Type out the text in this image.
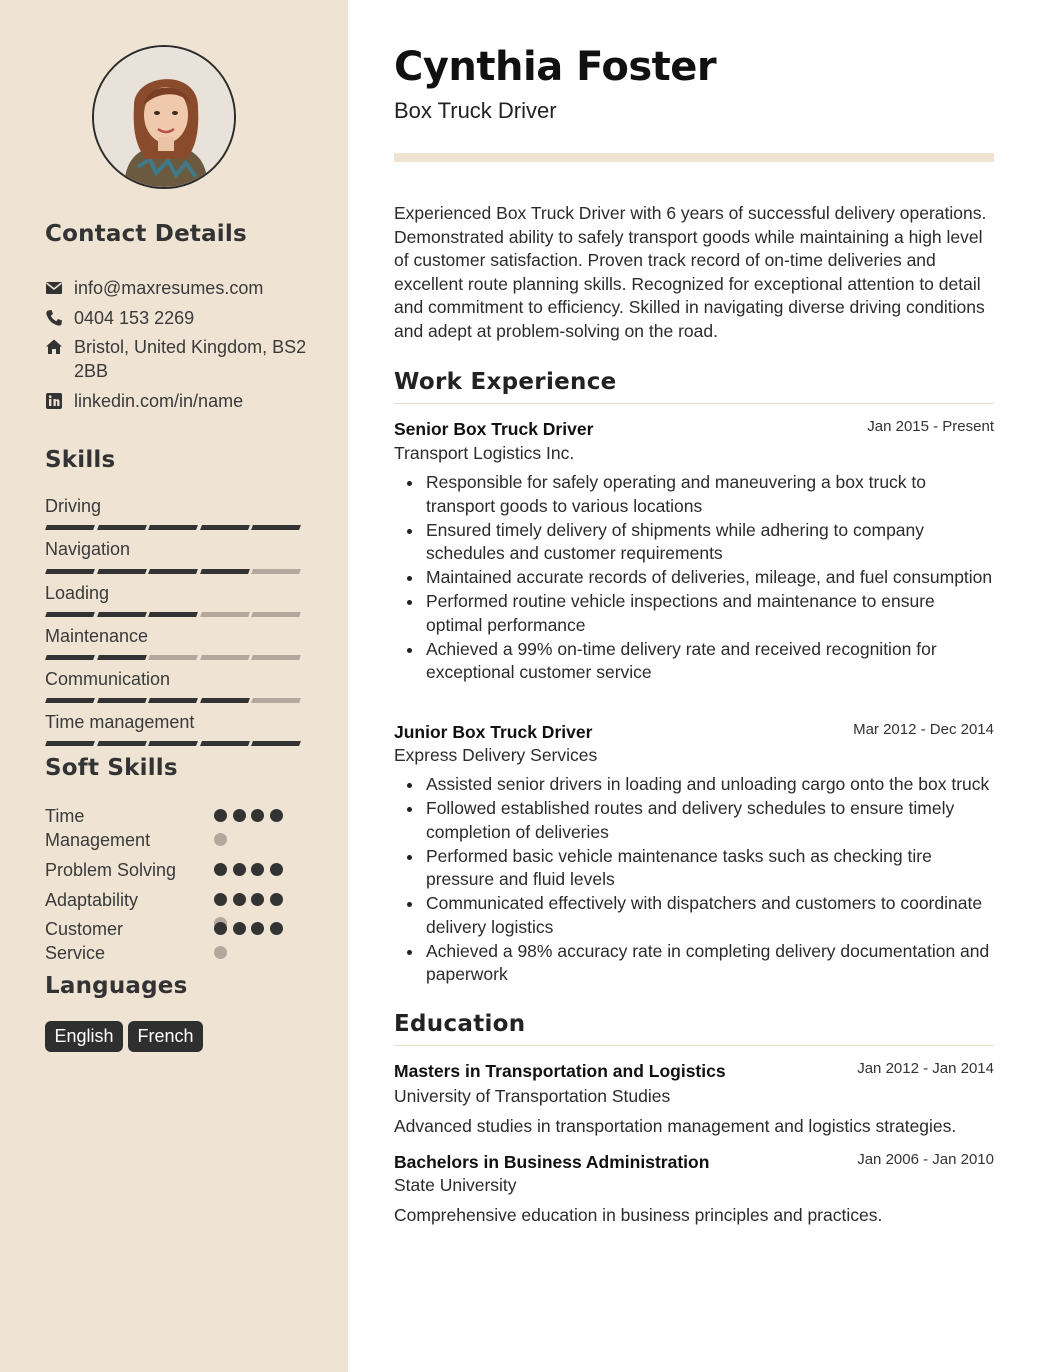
Contact Details
info@maxresumes.com
0404 153 2269
Bristol, United Kingdom, BS2 2BB
linkedin.com/in/name
Skills
Driving
Navigation
Loading
Maintenance
Communication
Time management
Soft Skills
Time Management
Problem Solving
Adaptability
Customer Service
Languages
English	French
Cynthia Foster
Box Truck Driver

Experienced Box Truck Driver with 6 years of successful delivery operations. Demonstrated ability to safely transport goods while maintaining a high level of customer satisfaction. Proven track record of on-time deliveries and excellent route planning skills. Recognized for exceptional attention to detail and commitment to efficiency. Skilled in navigating diverse driving conditions and adept at problem-solving on the road.

Work Experience
Senior Box Truck Driver	Jan 2015 - Present
Transport Logistics Inc.
Responsible for safely operating and maneuvering a box truck to transport goods to various locations
Ensured timely delivery of shipments while adhering to company schedules and customer requirements
Maintained accurate records of deliveries, mileage, and fuel consumption
Performed routine vehicle inspections and maintenance to ensure optimal performance
Achieved a 99% on-time delivery rate and received recognition for exceptional customer service
Junior Box Truck Driver	Mar 2012 - Dec 2014
Express Delivery Services
Assisted senior drivers in loading and unloading cargo onto the box truck
Followed established routes and delivery schedules to ensure timely completion of deliveries
Performed basic vehicle maintenance tasks such as checking tire pressure and fluid levels
Communicated effectively with dispatchers and customers to coordinate delivery logistics
Achieved a 98% accuracy rate in completing delivery documentation and paperwork
Education
Masters in Transportation and Logistics	Jan 2012 - Jan 2014
University of Transportation Studies
Advanced studies in transportation management and logistics strategies.
Bachelors in Business Administration	Jan 2006 - Jan 2010
State University
Comprehensive education in business principles and practices.
